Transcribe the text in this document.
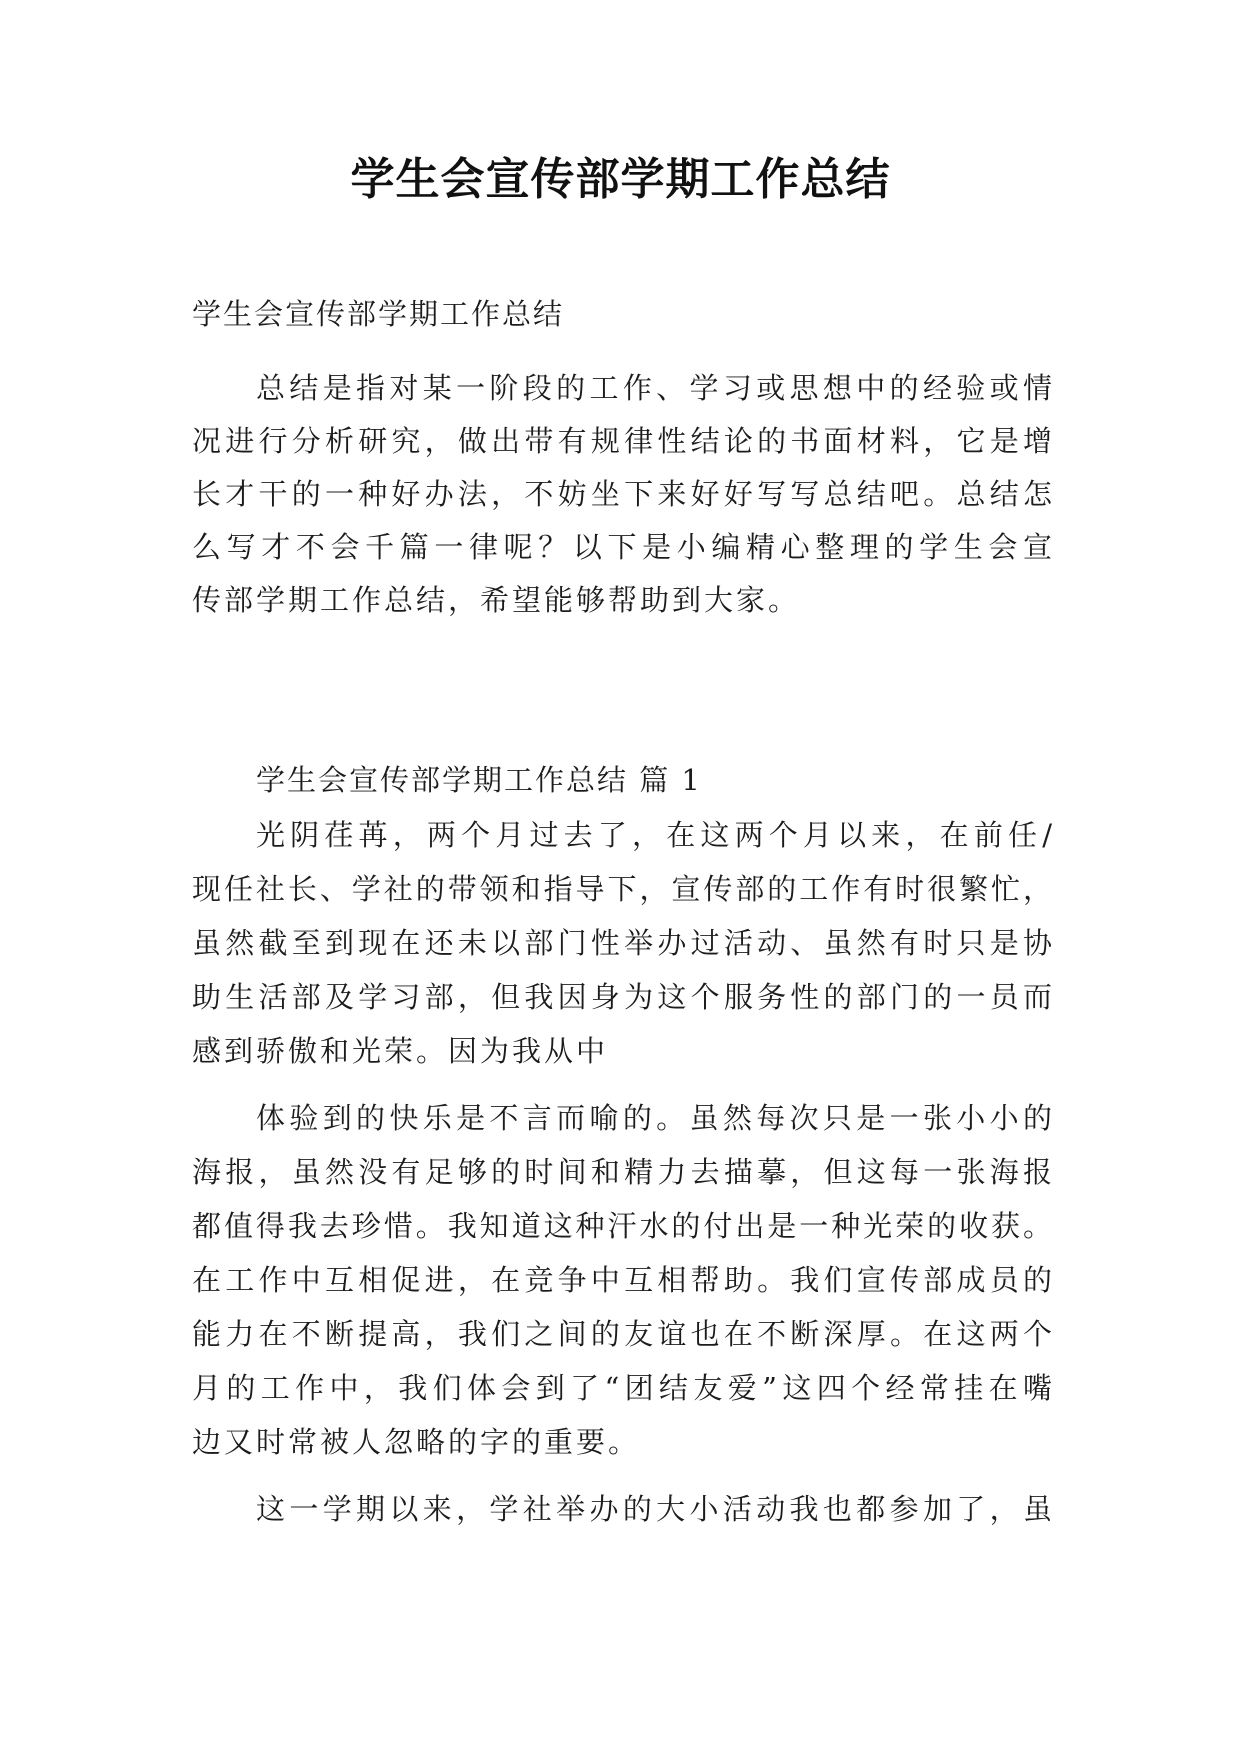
学生会宣传部学期工作总结
学生会宣传部学期工作总结
总结是指对某一阶段的工作、学习或思想中的经验或情
况进行分析研究，做出带有规律性结论的书面材料，它是增
长才干的一种好办法，不妨坐下来好好写写总结吧。总结怎
么写才不会千篇一律呢？以下是小编精心整理的学生会宣
传部学期工作总结，希望能够帮助到大家。
学生会宣传部学期工作总结 篇 1
光阴荏苒，两个月过去了，在这两个月以来，在前任/
现任社长、学社的带领和指导下，宣传部的工作有时很繁忙，
虽然截至到现在还未以部门性举办过活动、虽然有时只是协
助生活部及学习部，但我因身为这个服务性的部门的一员而
感到骄傲和光荣。因为我从中
体验到的快乐是不言而喻的。虽然每次只是一张小小的
海报，虽然没有足够的时间和精力去描摹，但这每一张海报
都值得我去珍惜。我知道这种汗水的付出是一种光荣的收获。
在工作中互相促进，在竞争中互相帮助。我们宣传部成员的
能力在不断提高，我们之间的友谊也在不断深厚。在这两个
月的工作中，我们体会到了“团结友爱”这四个经常挂在嘴
边又时常被人忽略的字的重要。
这一学期以来，学社举办的大小活动我也都参加了，虽
